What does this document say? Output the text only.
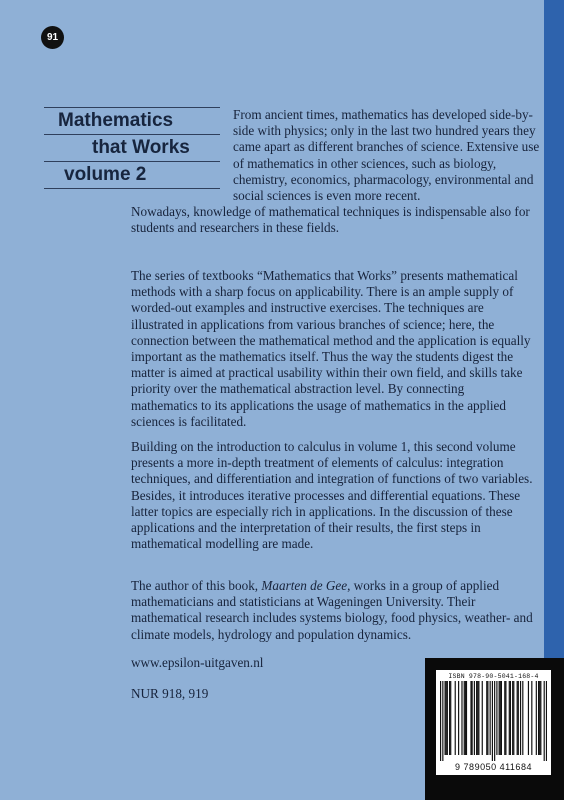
91
Mathematics
that Works
volume 2

From ancient times, mathematics has developed side-by-side with physics; only in the last two hundred years they came apart as different branches of science. Extensive use of mathematics in other sciences, such as biology, chemistry, economics, pharmacology, environmental and social sciences is even more recent.
Nowadays, knowledge of mathematical techniques is indispensable also for students and researchers in these fields.

The series of textbooks “Mathematics that Works” presents mathematical methods with a sharp focus on applicability. There is an ample supply of worded-out examples and instructive exercises. The techniques are illustrated in applications from various branches of science; here, the connection between the mathematical method and the application is equally important as the mathematics itself. Thus the way the students digest the matter is aimed at practical usability within their own field, and skills take priority over the mathematical abstraction level. By connecting mathematics to its applications the usage of mathematics in the applied sciences is facilitated.

Building on the introduction to calculus in volume 1, this second volume presents a more in-depth treatment of elements of calculus: integration techniques, and differentiation and integration of functions of two variables. Besides, it introduces iterative processes and differential equations. These latter topics are especially rich in applications. In the discussion of these applications and the interpretation of their results, the first steps in mathematical modelling are made.

The author of this book, Maarten de Gee, works in a group of applied mathematicians and statisticians at Wageningen University. Their mathematical research includes systems biology, food physics, weather- and climate models, hydrology and population dynamics.

www.epsilon-uitgaven.nl
NUR 918, 919
ISBN 978-90-5041-168-4
9 789050 411684
